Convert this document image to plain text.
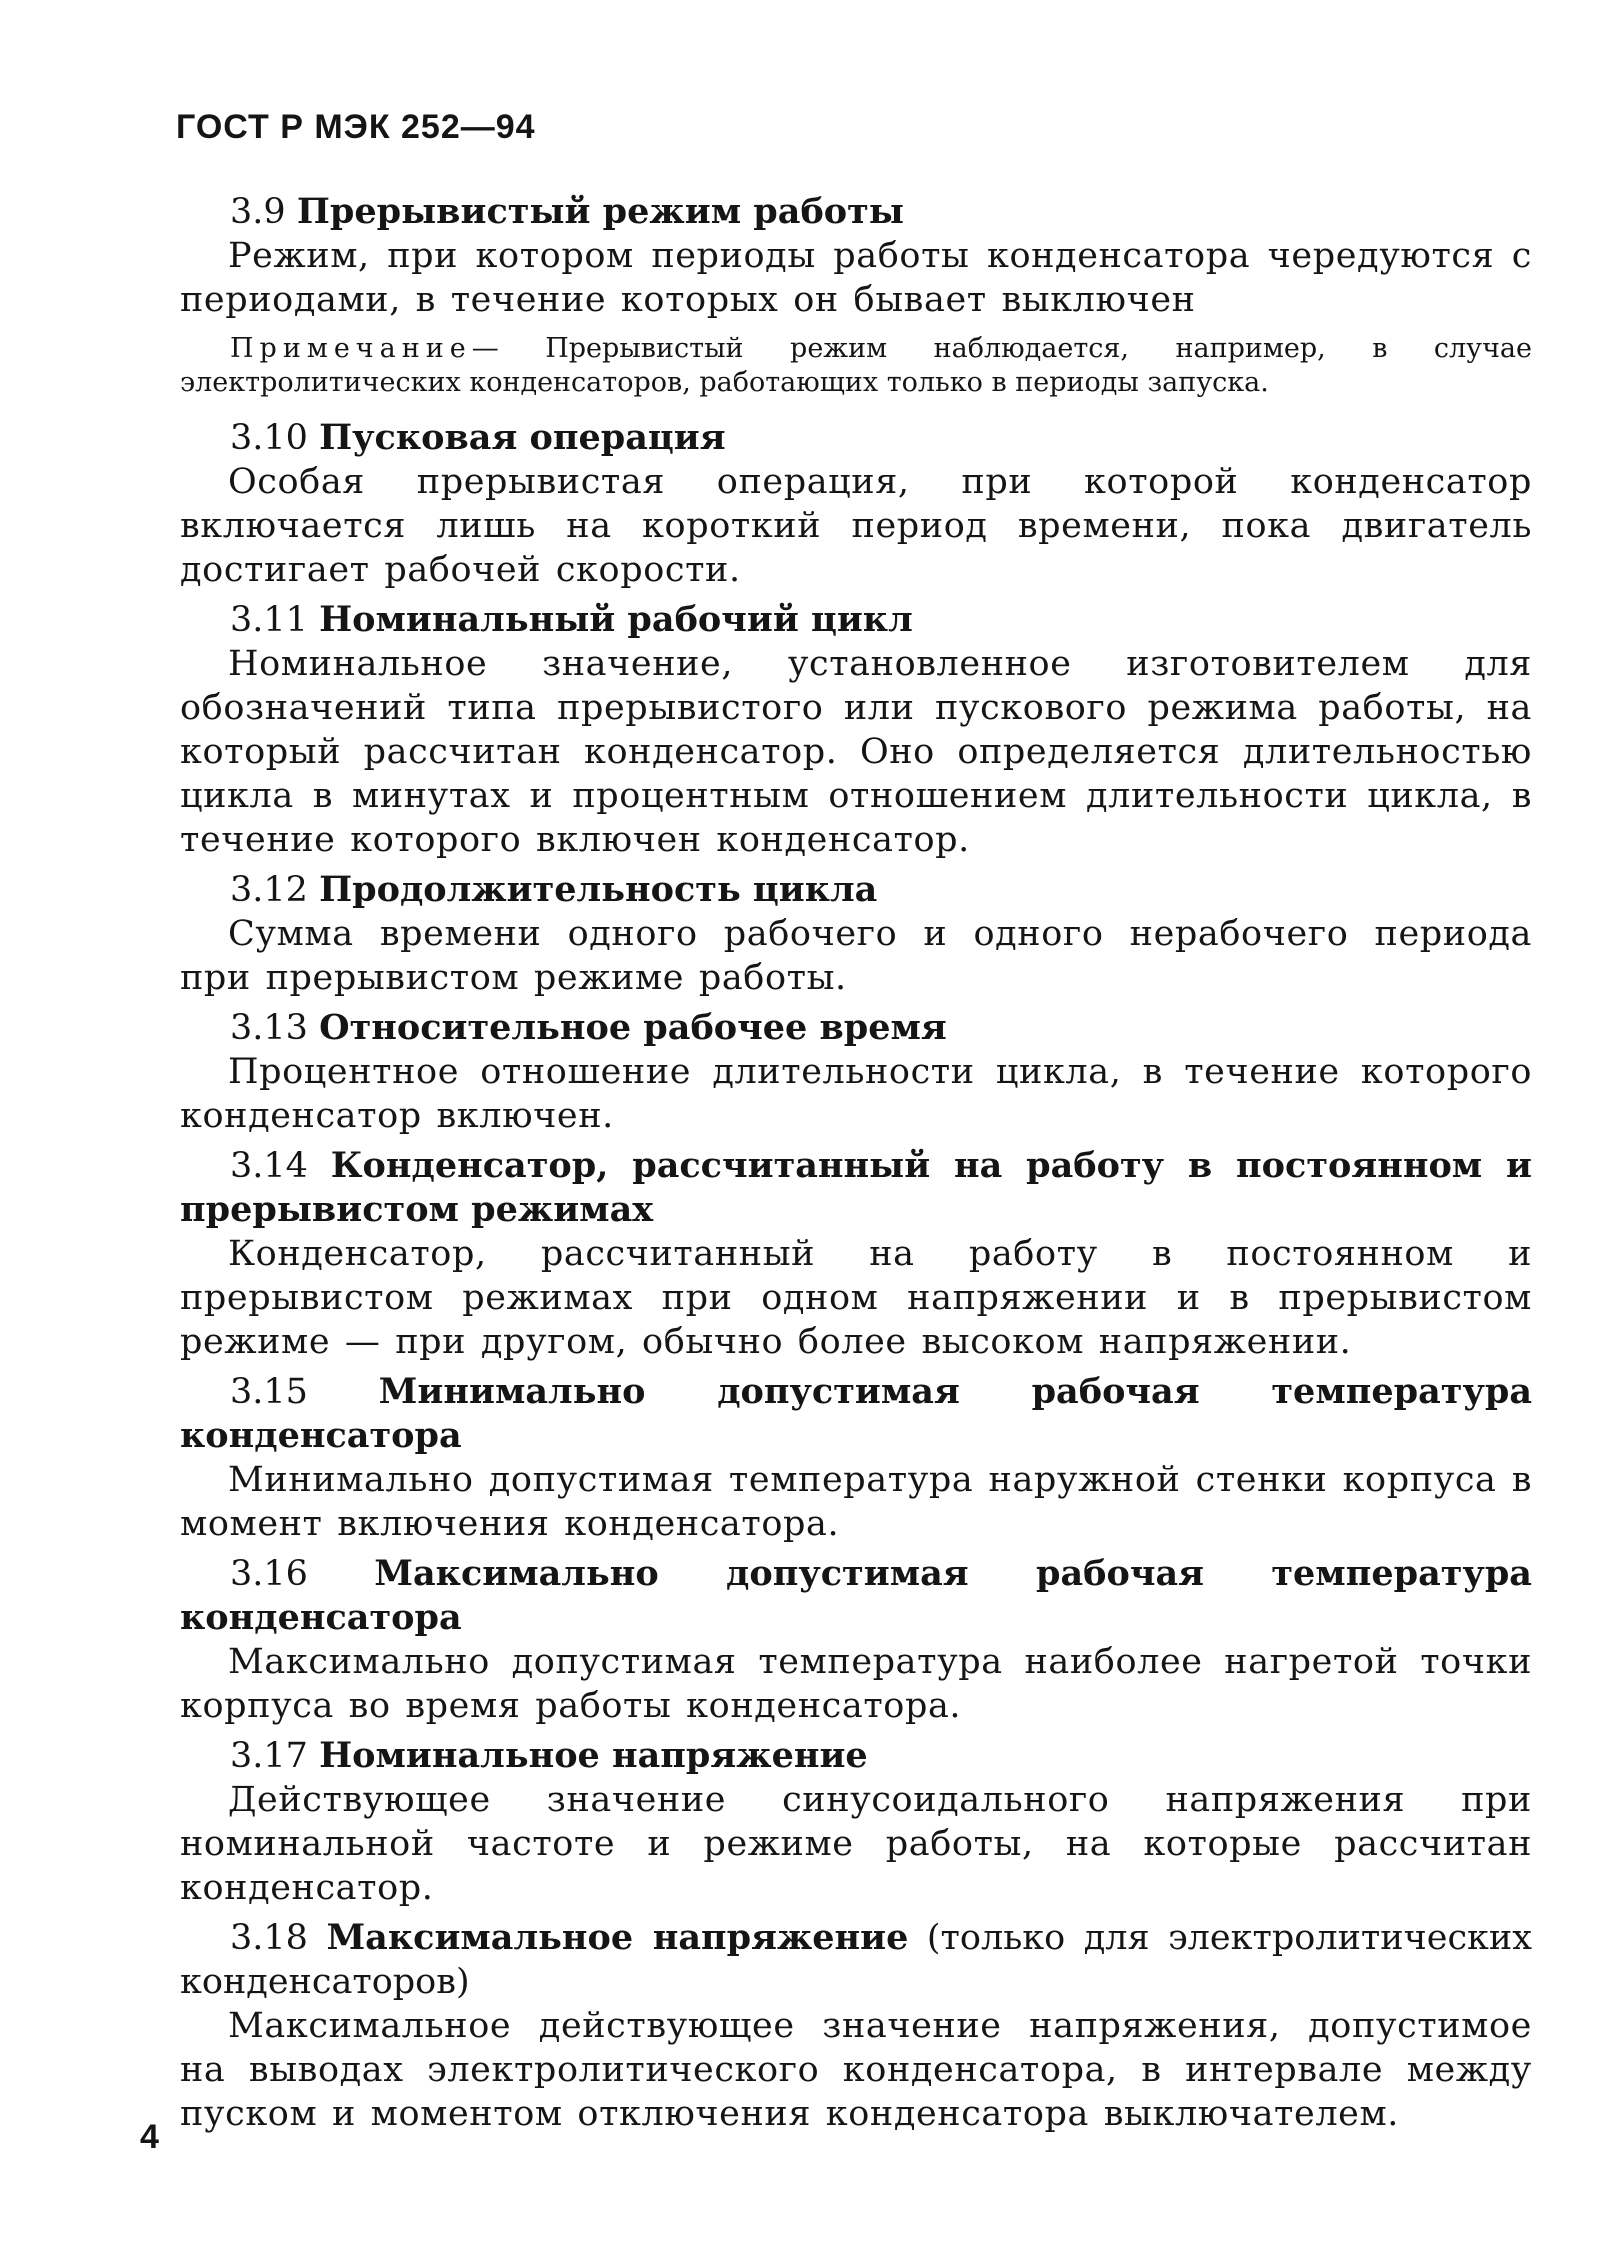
ГОСТ Р МЭК 252—94

3.9 Прерывистый режим работы

Режим, при котором периоды работы конденсатора чередуются с периодами, в течение которых он бывает выключен

Примечание— Прерывистый режим наблюдается, например, в случае электролитических конденсаторов, работающих только в периоды запуска.

3.10 Пусковая операция

Особая прерывистая операция, при которой конденсатор включается лишь на короткий период времени, пока двигатель достигает рабочей скорости.

3.11 Номинальный рабочий цикл

Номинальное значение, установленное изготовителем для обозначений типа прерывистого или пускового режима работы, на который рассчитан конденсатор. Оно определяется длительностью цикла в минутах и процентным отношением длительности цикла, в течение которого включен конденсатор.

3.12 Продолжительность цикла

Сумма времени одного рабочего и одного нерабочего периода при прерывистом режиме работы.

3.13 Относительное рабочее время

Процентное отношение длительности цикла, в течение которого конденсатор включен.

3.14 Конденсатор, рассчитанный на работу в постоянном и прерывистом режимах

Конденсатор, рассчитанный на работу в постоянном и прерывистом режимах при одном напряжении и в прерывистом режиме — при другом, обычно более высоком напряжении.

3.15 Минимально допустимая рабочая температура конденсатора

Минимально допустимая температура наружной стенки корпуса в момент включения конденсатора.

3.16 Максимально допустимая рабочая температура конденсатора

Максимально допустимая температура наиболее нагретой точки корпуса во время работы конденсатора.

3.17 Номинальное напряжение

Действующее значение синусоидального напряжения при номинальной частоте и режиме работы, на которые рассчитан конденсатор.

3.18 Максимальное напряжение (только для электролитических конденсаторов)

Максимальное действующее значение напряжения, допустимое на выводах электролитического конденсатора, в интервале между пуском и моментом отключения конденсатора выключателем.

4
